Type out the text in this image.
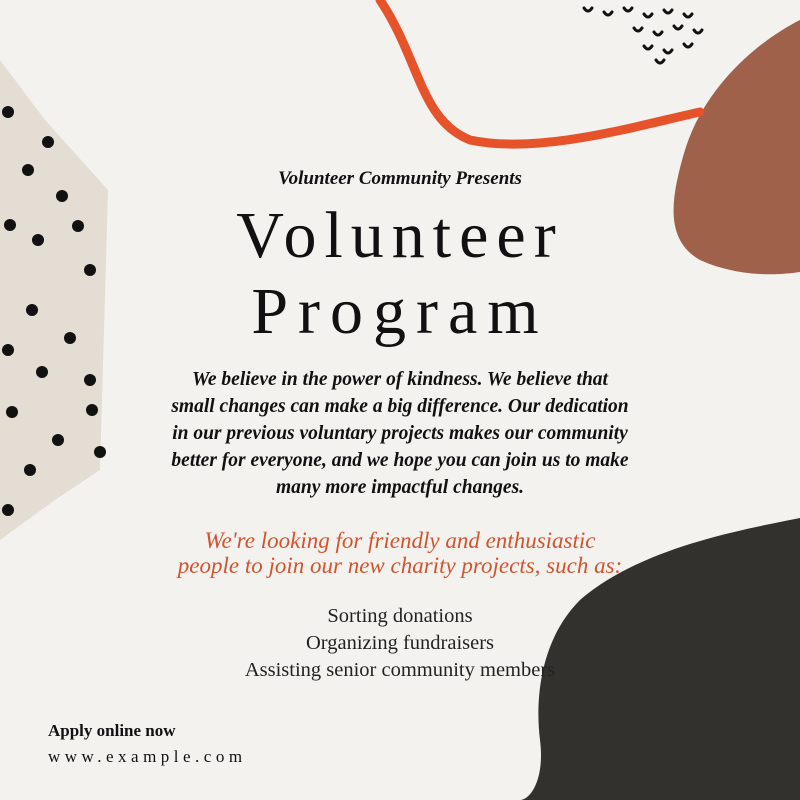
Volunteer Community Presents

Volunteer

Program

We believe in the power of kindness. We believe that
small changes can make a big difference. Our dedication
in our previous voluntary projects makes our community
better for everyone, and we hope you can join us to make
many more impactful changes.

We're looking for friendly and enthusiastic
people to join our new charity projects, such as:

Sorting donations
Organizing fundraisers
Assisting senior community members

Apply online now

www.example.com
